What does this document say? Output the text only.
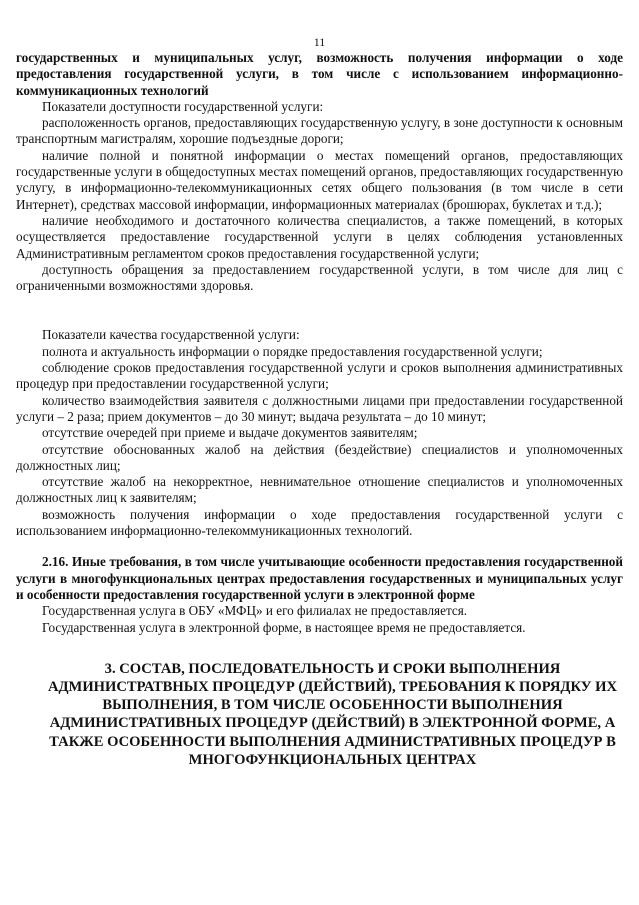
11

государственных и муниципальных услуг, возможность получения информации о ходе предоставления государственной услуги, в том числе с использованием информационно-коммуникационных технологий

Показатели доступности государственной услуги:

расположенность органов, предоставляющих государственную услугу, в зоне доступности к основным транспортным магистралям, хорошие подъездные дороги;

наличие полной и понятной информации о местах помещений органов, предоставляющих государственные услуги в общедоступных местах помещений органов, предоставляющих государственную услугу, в информационно-телекоммуникационных сетях общего пользования (в том числе в сети Интернет), средствах массовой информации, информационных материалах (брошюрах, буклетах и т.д.);

наличие необходимого и достаточного количества специалистов, а также помещений, в которых осуществляется предоставление государственной услуги в целях соблюдения установленных Административным регламентом сроков предоставления государственной услуги;

доступность обращения за предоставлением государственной услуги, в том числе для лиц с ограниченными возможностями здоровья.

Показатели качества государственной услуги:

полнота и актуальность информации о порядке предоставления государственной услуги;

соблюдение сроков предоставления государственной услуги и сроков выполнения административных процедур при предоставлении государственной услуги;

количество взаимодействия заявителя с должностными лицами при предоставлении государственной услуги – 2 раза; прием документов – до 30 минут; выдача результата – до 10 минут;

отсутствие очередей при приеме и выдаче документов заявителям;

отсутствие обоснованных жалоб на действия (бездействие) специалистов и уполномоченных должностных лиц;

отсутствие жалоб на некорректное, невнимательное отношение специалистов и уполномоченных должностных лиц к заявителям;

возможность получения информации о ходе предоставления государственной услуги с использованием информационно-телекоммуникационных технологий.

2.16. Иные требования, в том числе учитывающие особенности предоставления государственной услуги в многофункциональных центрах предоставления государственных и муниципальных услуг и особенности предоставления государственной услуги в электронной форме

Государственная услуга в ОБУ «МФЦ» и его филиалах не предоставляется.

Государственная услуга в электронной форме, в настоящее время не предоставляется.

3. СОСТАВ, ПОСЛЕДОВАТЕЛЬНОСТЬ И СРОКИ ВЫПОЛНЕНИЯ АДМИНИСТРАТВНЫХ ПРОЦЕДУР (ДЕЙСТВИЙ), ТРЕБОВАНИЯ К ПОРЯДКУ ИХ ВЫПОЛНЕНИЯ, В ТОМ ЧИСЛЕ ОСОБЕННОСТИ ВЫПОЛНЕНИЯ АДМИНИСТРАТИВНЫХ ПРОЦЕДУР (ДЕЙСТВИЙ) В ЭЛЕКТРОННОЙ ФОРМЕ, А ТАКЖЕ ОСОБЕННОСТИ ВЫПОЛНЕНИЯ АДМИНИСТРАТИВНЫХ ПРОЦЕДУР В МНОГОФУНКЦИОНАЛЬНЫХ ЦЕНТРАХ
